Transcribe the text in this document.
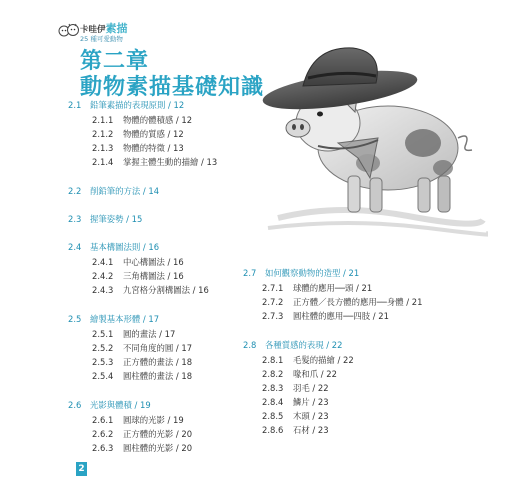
卡哇伊素描
25 種可愛動物
第二章
動物素描基礎知識
2.1 鉛筆素描的表現原則 / 12
2.1.1 物體的體積感 / 12
2.1.2 物體的質感 / 12
2.1.3 物體的特徵 / 13
2.1.4 掌握主體生動的描繪 / 13
2.2 削鉛筆的方法 / 14
2.3 握筆姿勢 / 15
2.4 基本構圖法則 / 16
2.4.1 中心構圖法 / 16
2.4.2 三角構圖法 / 16
2.4.3 九宮格分割構圖法 / 16
2.5 繪製基本形體 / 17
2.5.1 圓的畫法 / 17
2.5.2 不同角度的圓 / 17
2.5.3 正方體的畫法 / 18
2.5.4 圓柱體的畫法 / 18
2.6 光影與體積 / 19
2.6.1 圓球的光影 / 19
2.6.2 正方體的光影 / 20
2.6.3 圓柱體的光影 / 20
2.7 如何觀察動物的造型 / 21
2.7.1 球體的應用──頭 / 21
2.7.2 正方體／長方體的應用──身體 / 21
2.7.3 圓柱體的應用──四肢 / 21
2.8 各種質感的表現 / 22
2.8.1 毛髮的描繪 / 22
2.8.2 喙和爪 / 22
2.8.3 羽毛 / 22
2.8.4 鱗片 / 23
2.8.5 木頭 / 23
2.8.6 石材 / 23
2
